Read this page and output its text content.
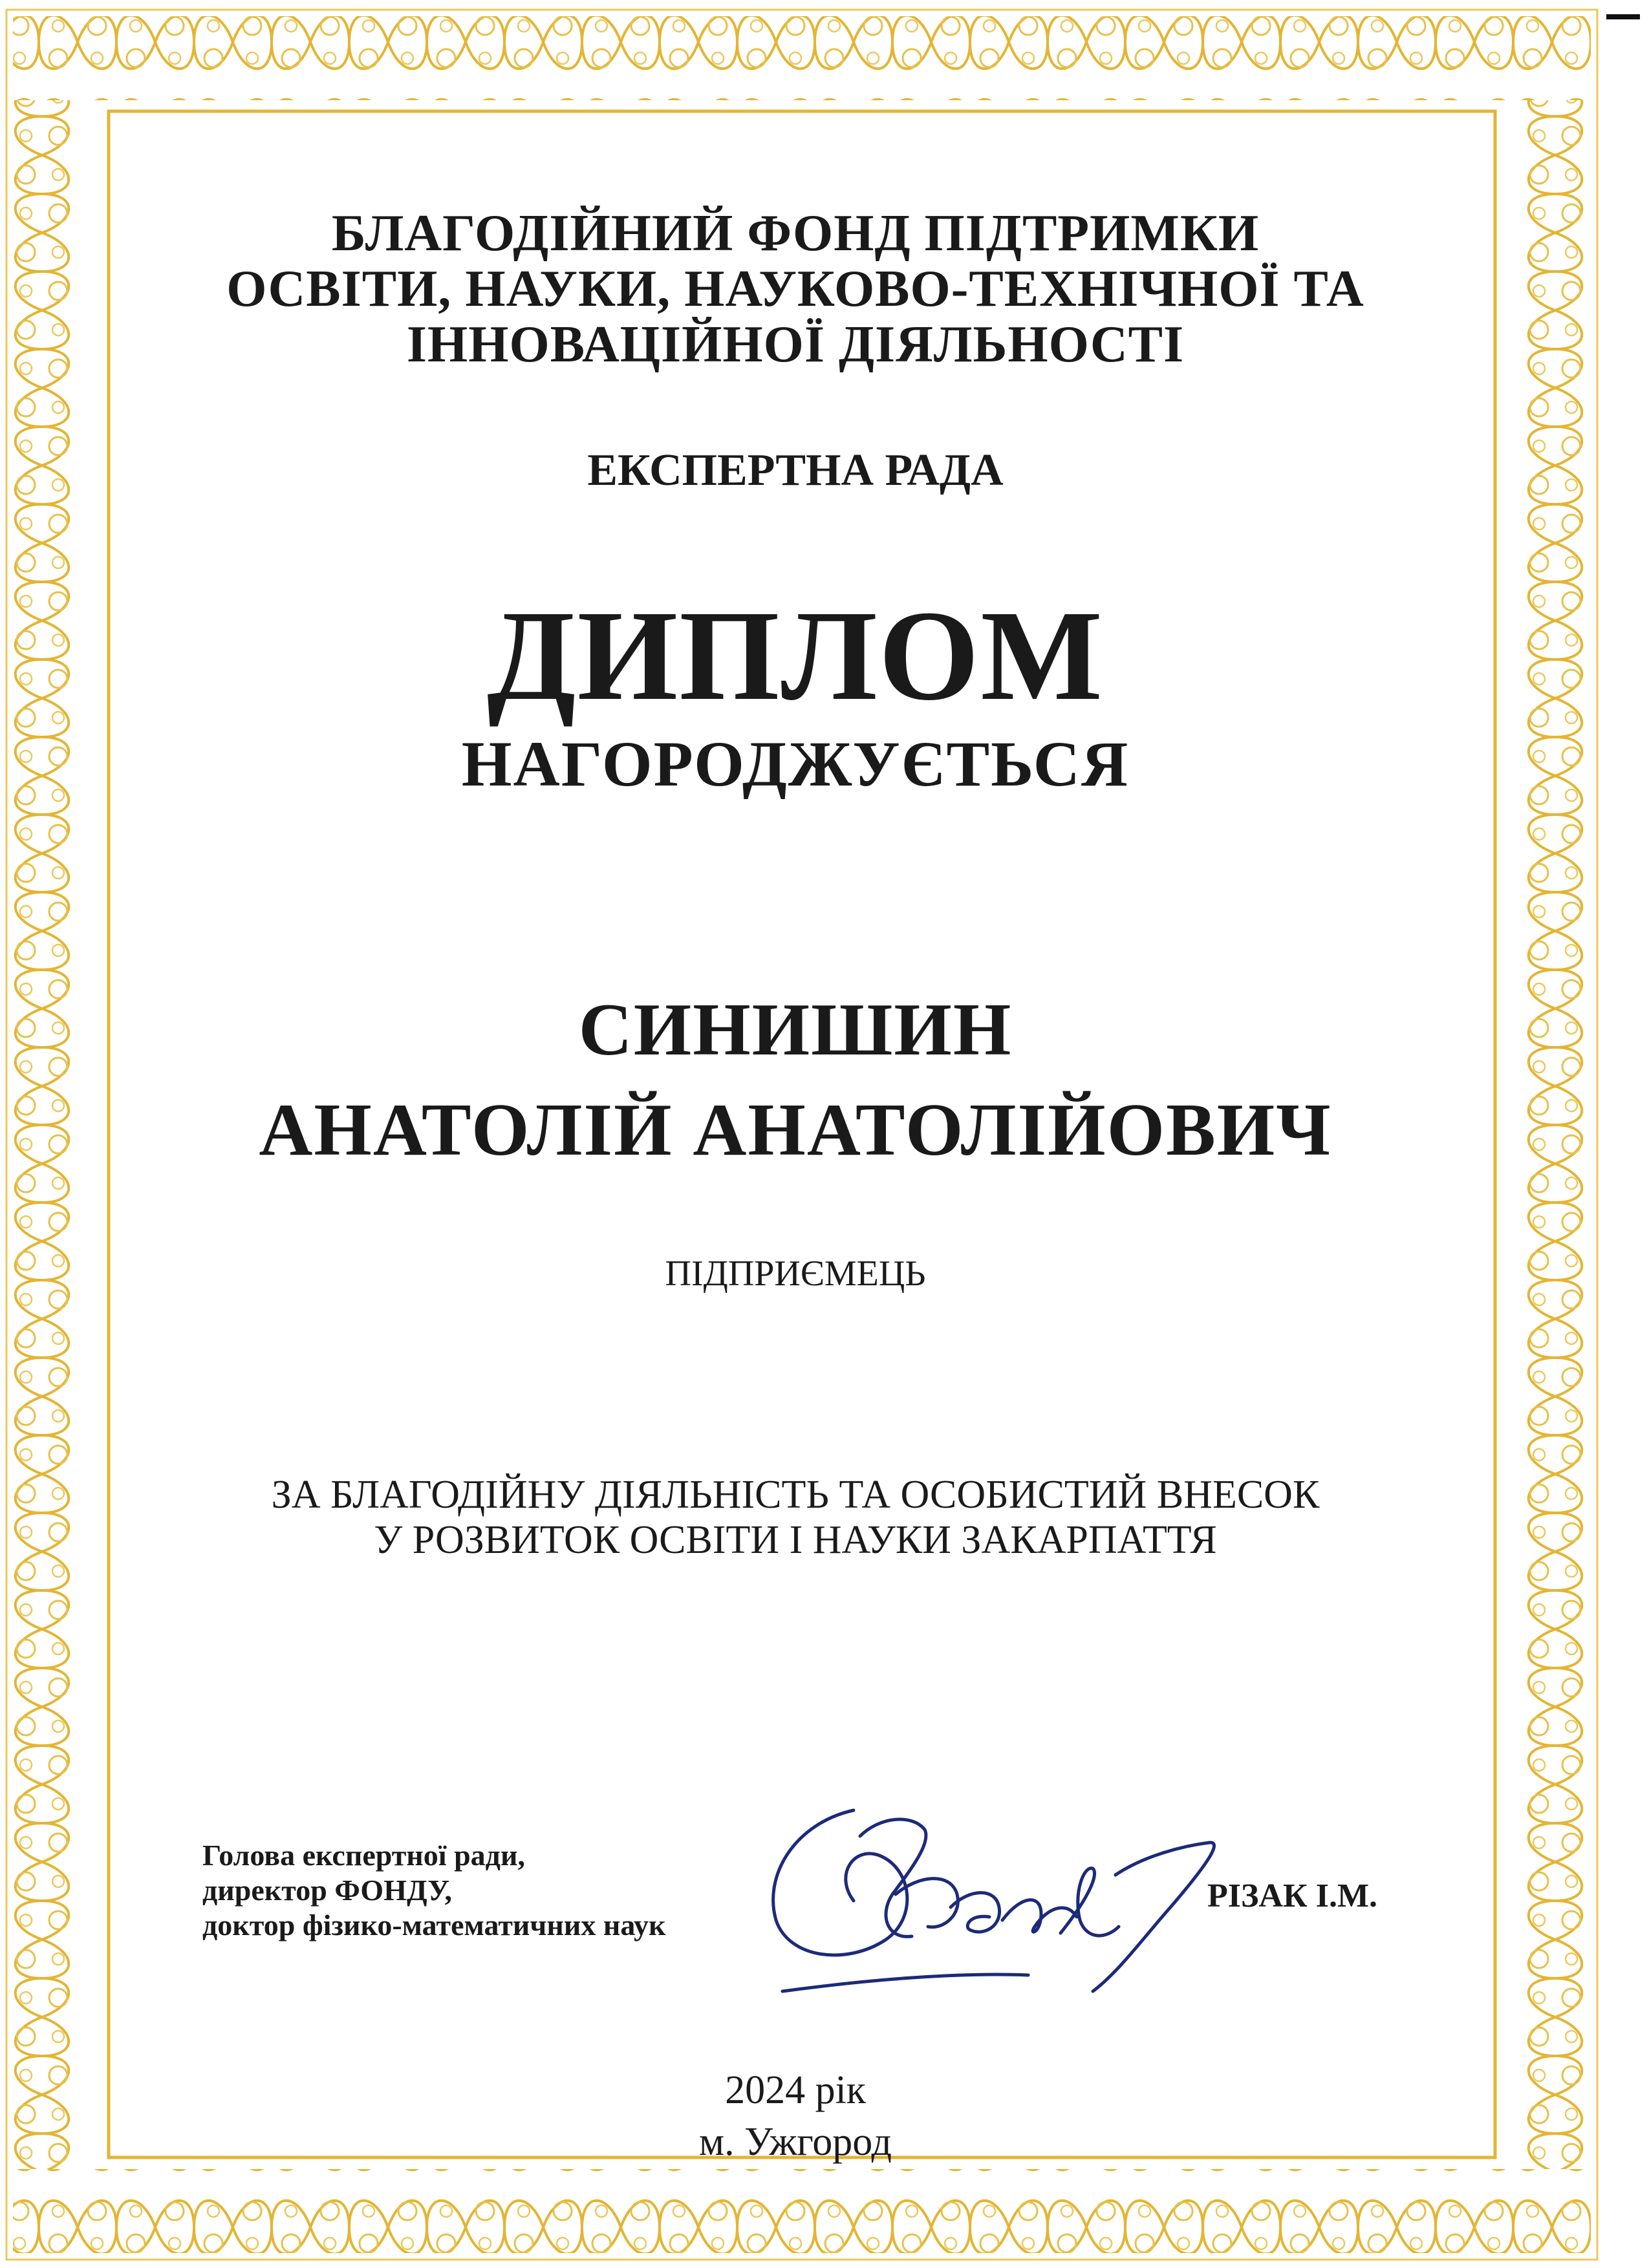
БЛАГОДІЙНИЙ ФОНД ПІДТРИМКИ
ОСВІТИ, НАУКИ, НАУКОВО-ТЕХНІЧНОЇ ТА
ІННОВАЦІЙНОЇ ДІЯЛЬНОСТІ
ЕКСПЕРТНА РАДА
ДИПЛОМ
НАГОРОДЖУЄТЬСЯ
СИНИШИН
АНАТОЛІЙ АНАТОЛІЙОВИЧ
ПІДПРИЄМЕЦЬ
ЗА БЛАГОДІЙНУ ДІЯЛЬНІСТЬ ТА ОСОБИСТИЙ ВНЕСОК
У РОЗВИТОК ОСВІТИ І НАУКИ ЗАКАРПАТТЯ
Голова експертної ради,
директор ФОНДУ,
доктор фізико-математичних наук
РІЗАК І.М.
2024 рік
м. Ужгород
